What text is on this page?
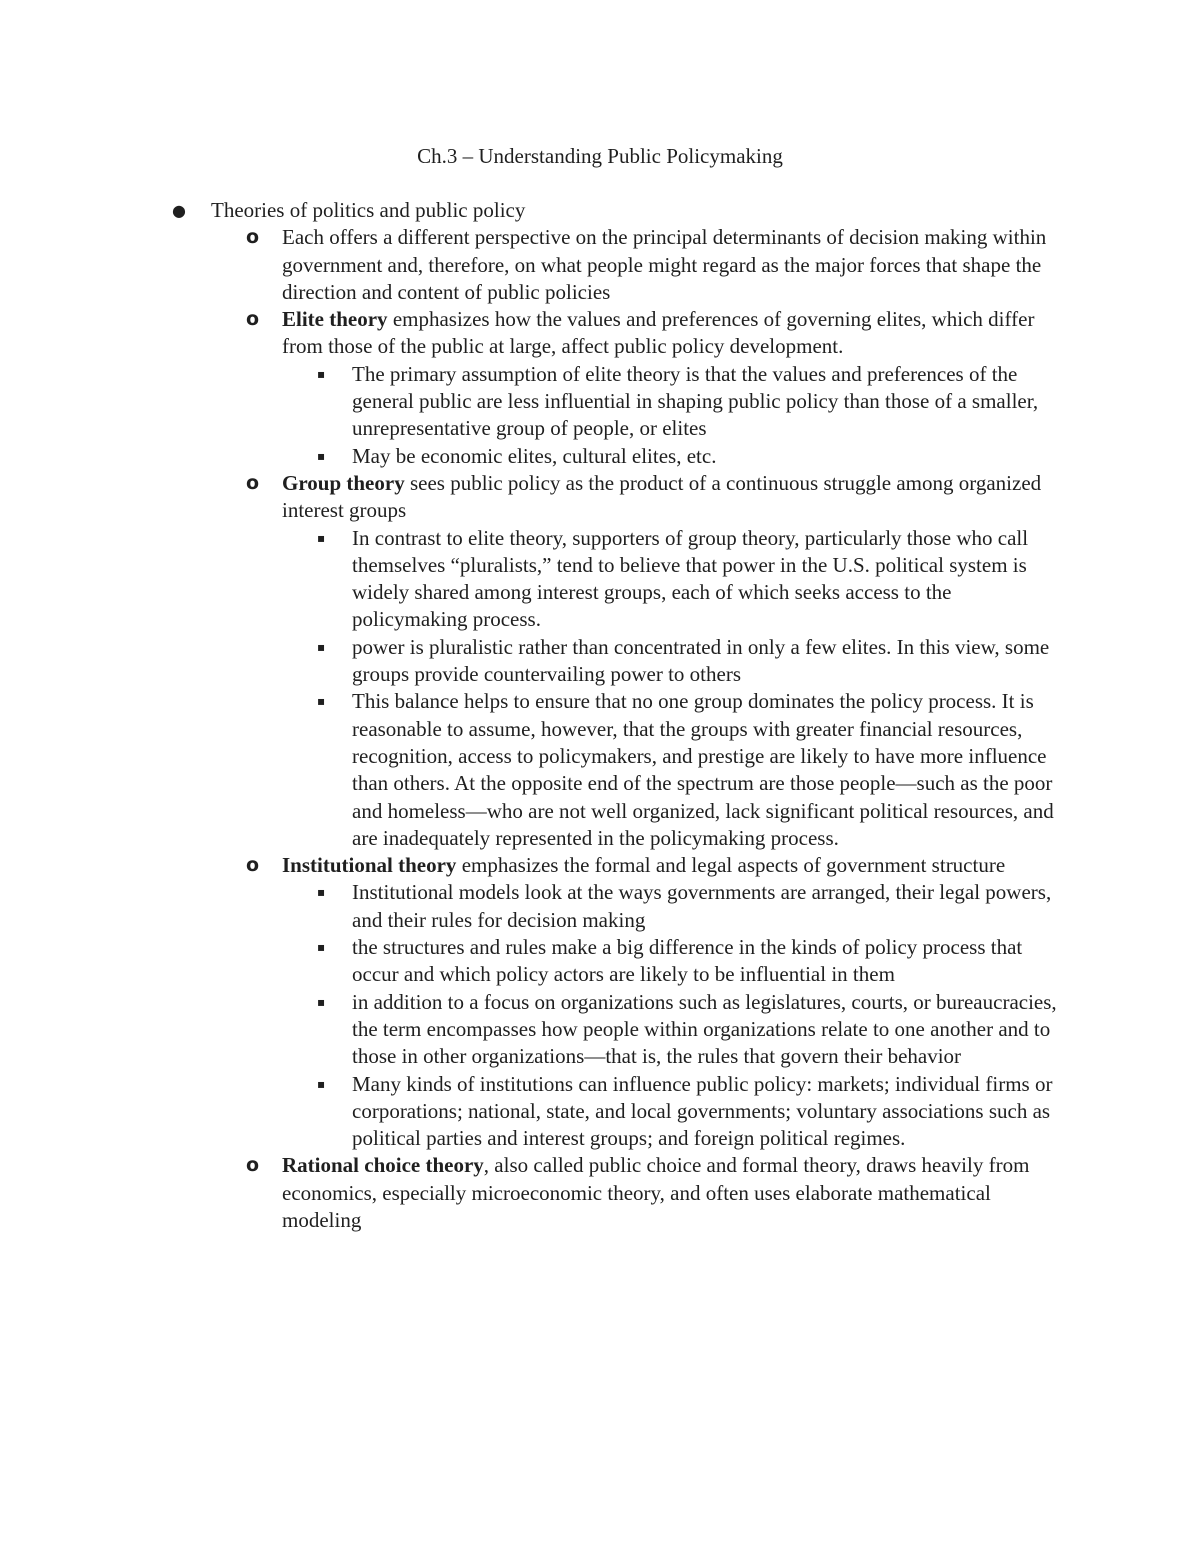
Ch.3 – Understanding Public Policymaking
● Theories of politics and public policy
o Each offers a different perspective on the principal determinants of decision making within government and, therefore, on what people might regard as the major forces that shape the direction and content of public policies
o Elite theory emphasizes how the values and preferences of governing elites, which differ from those of the public at large, affect public policy development.
▪ The primary assumption of elite theory is that the values and preferences of the general public are less influential in shaping public policy than those of a smaller, unrepresentative group of people, or elites
▪ May be economic elites, cultural elites, etc.
o Group theory sees public policy as the product of a continuous struggle among organized interest groups
▪ In contrast to elite theory, supporters of group theory, particularly those who call themselves “pluralists,” tend to believe that power in the U.S. political system is widely shared among interest groups, each of which seeks access to the policymaking process.
▪ power is pluralistic rather than concentrated in only a few elites. In this view, some groups provide countervailing power to others
▪ This balance helps to ensure that no one group dominates the policy process. It is reasonable to assume, however, that the groups with greater financial resources, recognition, access to policymakers, and prestige are likely to have more influence than others. At the opposite end of the spectrum are those people—such as the poor and homeless—who are not well organized, lack significant political resources, and are inadequately represented in the policymaking process.
o Institutional theory emphasizes the formal and legal aspects of government structure
▪ Institutional models look at the ways governments are arranged, their legal powers, and their rules for decision making
▪ the structures and rules make a big difference in the kinds of policy process that occur and which policy actors are likely to be influential in them
▪ in addition to a focus on organizations such as legislatures, courts, or bureaucracies, the term encompasses how people within organizations relate to one another and to those in other organizations—that is, the rules that govern their behavior
▪ Many kinds of institutions can influence public policy: markets; individual firms or corporations; national, state, and local governments; voluntary associations such as political parties and interest groups; and foreign political regimes.
o Rational choice theory, also called public choice and formal theory, draws heavily from economics, especially microeconomic theory, and often uses elaborate mathematical modeling
